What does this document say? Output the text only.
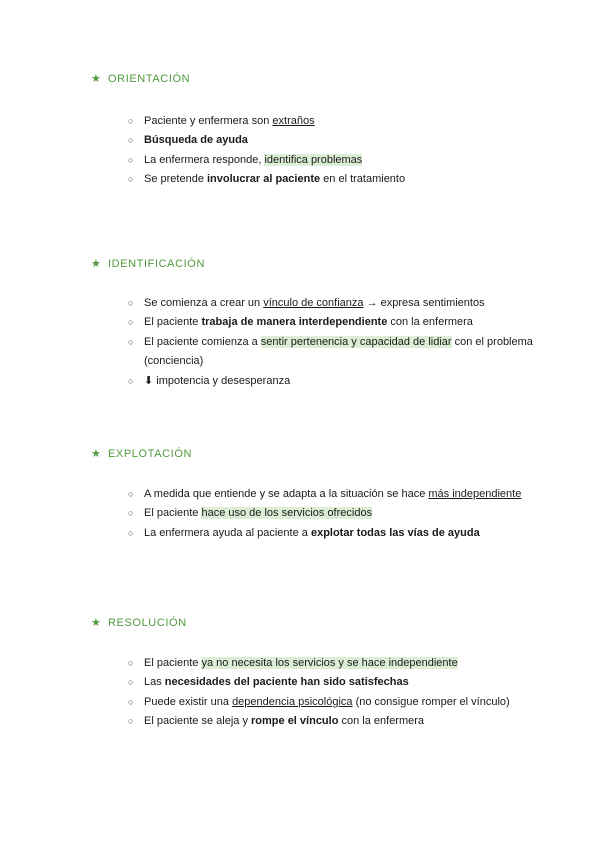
★ ORIENTACIÓN
○ Paciente y enfermera son extraños
○ Búsqueda de ayuda
○ La enfermera responde, identifica problemas
○ Se pretende involucrar al paciente en el tratamiento
★ IDENTIFICACIÓN
○ Se comienza a crear un vínculo de confianza → expresa sentimientos
○ El paciente trabaja de manera interdependiente con la enfermera
○ El paciente comienza a sentir pertenencia y capacidad de lidiar con el problema (conciencia)
○ ⬇ impotencia y desesperanza
★ EXPLOTACIÓN
○ A medida que entiende y se adapta a la situación se hace más independiente
○ El paciente hace uso de los servicios ofrecidos
○ La enfermera ayuda al paciente a explotar todas las vías de ayuda
★ RESOLUCIÓN
○ El paciente ya no necesita los servicios y se hace independiente
○ Las necesidades del paciente han sido satisfechas
○ Puede existir una dependencia psicológica (no consigue romper el vínculo)
○ El paciente se aleja y rompe el vínculo con la enfermera
